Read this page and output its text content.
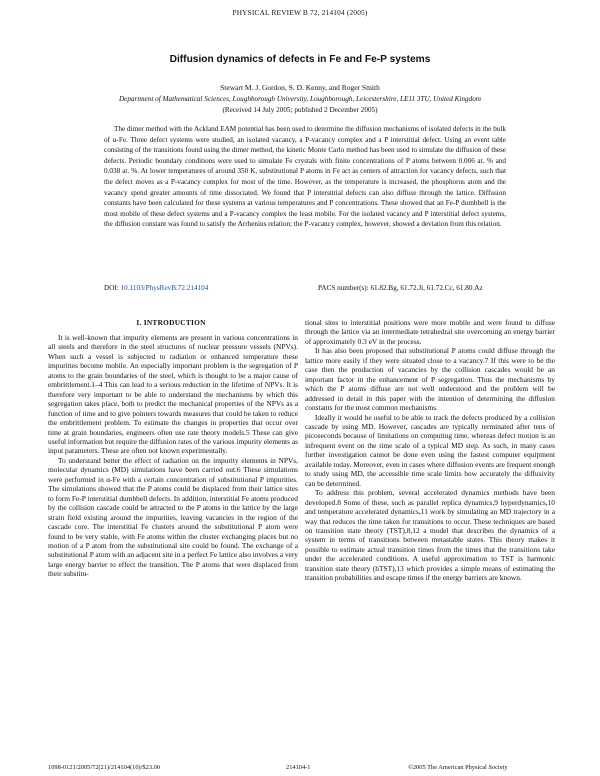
PHYSICAL REVIEW B 72, 214104 (2005)
Diffusion dynamics of defects in Fe and Fe-P systems
Stewart M. J. Gordon, S. D. Kenny, and Roger Smith
Department of Mathematical Sciences, Loughborough University, Loughborough, Leicestershire, LE11 3TU, United Kingdom
(Received 14 July 2005; published 2 December 2005)

The dimer method with the Ackland EAM potential has been used to determine the diffusion mechanisms of isolated defects in the bulk of α-Fe. Three defect systems were studied, an isolated vacancy, a P-vacancy complex and a P interstitial defect. Using an event table consisting of the transitions found using the dimer method, the kinetic Monte Carlo method has been used to simulate the diffusion of these defects. Periodic boundary conditions were used to simulate Fe crystals with finite concentrations of P atoms between 0.006 at. % and 0.038 at. %. At lower temperatures of around 350 K, substitutional P atoms in Fe act as centers of attraction for vacancy defects, such that the defect moves as a P-vacancy complex for most of the time. However, as the temperature is increased, the phosphorus atom and the vacancy spend greater amounts of time dissociated. We found that P interstitial defects can also diffuse through the lattice. Diffusion constants have been calculated for these systems at various temperatures and P concentrations. These showed that an Fe-P dumbbell is the most mobile of these defect systems and a P-vacancy complex the least mobile. For the isolated vacancy and P interstitial defect systems, the diffusion constant was found to satisfy the Arrhenius relation; the P-vacancy complex, however, showed a deviation from this relation.

DOI: 10.1103/PhysRevB.72.214104	PACS number(s): 61.82.Bg, 61.72.Ji, 61.72.Cc, 61.80.Az
I. INTRODUCTION

It is well-known that impurity elements are present in various concentrations in all steels and therefore in the steel structures of nuclear pressure vessels (NPVs). When such a vessel is subjected to radiation or enhanced temperature these impurities become mobile. An especially important problem is the segregation of P atoms to the grain boundaries of the steel, which is thought to be a major cause of embrittlement.1–4 This can lead to a serious reduction in the lifetime of NPVs. It is therefore very important to be able to understand the mechanisms by which this segregation takes place, both to predict the mechanical properties of the NPVs as a function of time and to give pointers towards measures that could be taken to reduce the embrittlement problem. To estimate the changes in properties that occur over time at grain boundaries, engineers often use rate theory models.5 These can give useful information but require the diffusion rates of the various impurity elements as input parameters. These are often not known experimentally.

To understand better the effect of radiation on the impurity elements in NPVs, molecular dynamics (MD) simulations have been carried out.6 These simulations were performed in α-Fe with a certain concentration of substitutional P impurities. The simulations showed that the P atoms could be displaced from their lattice sites to form Fe-P interstitial dumbbell defects. In addition, interstitial Fe atoms produced by the collision cascade could be attracted to the P atoms in the lattice by the large strain field existing around the impurities, leaving vacancies in the region of the cascade core. The interstitial Fe clusters around the substitutional P atom were found to be very stable, with Fe atoms within the cluster exchanging places but no motion of a P atom from the substitutional site could be found. The exchange of a substitutional P atom with an adjacent site in a perfect Fe lattice also involves a very large energy barrier to effect the transition. The P atoms that were displaced from their substitu-

tional sites to interstitial positions were more mobile and were found to diffuse through the lattice via an intermediate tetrahedral site overcoming an energy barrier of approximately 0.3 eV in the process.

It has also been proposed that substitutional P atoms could diffuse through the lattice more easily if they were situated close to a vacancy.7 If this were to be the case then the production of vacancies by the collision cascades would be an important factor in the enhancement of P segregation. Thus the mechanisms by which the P atoms diffuse are not well understood and the problem will be addressed in detail in this paper with the intention of determining the diffusion constants for the most common mechanisms.

Ideally it would be useful to be able to track the defects produced by a collision cascade by using MD. However, cascades are typically terminated after tens of picoseconds because of limitations on computing time, whereas defect motion is an infrequent event on the time scale of a typical MD step. As such, in many cases further investigation cannot be done even using the fastest computer equipment available today. Moreover, even in cases where diffusion events are frequent enough to study using MD, the accessible time scale limits how accurately the diffusivity can be determined.

To address this problem, several accelerated dynamics methods have been developed.8 Some of these, such as parallel replica dynamics,9 hyperdynamics,10 and temperature accelerated dynamics,11 work by simulating an MD trajectory in a way that reduces the time taken for transitions to occur. These techniques are based on transition state theory (TST),8,12 a model that describes the dynamics of a system in terms of transitions between metastable states. This theory makes it possible to estimate actual transition times from the times that the transitions take under the accelerated conditions. A useful approximation to TST is harmonic transition state theory (hTST),13 which provides a simple means of estimating the transition probabilities and escape times if the energy barriers are known.

1098-0121/2005/72(21)/214104(10)/$23.00	214104-1	©2005 The American Physical Society
